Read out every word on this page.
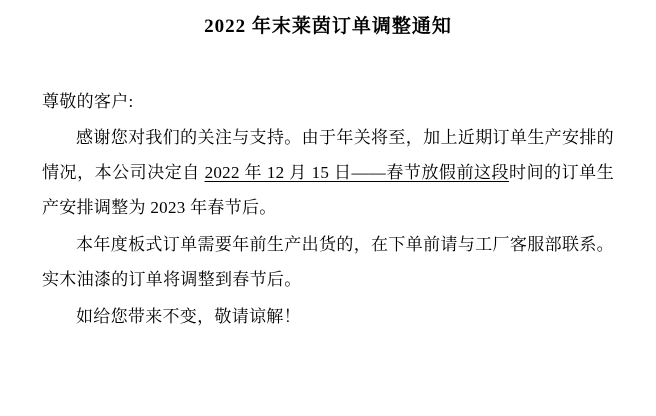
2022 年末莱茵订单调整通知

尊敬的客户:

感谢您对我们的关注与支持。由于年关将至，加上近期订单生产安排的情况，本公司决定自 2022 年 12 月 15 日——春节放假前这段时间的订单生产安排调整为 2023 年春节后。

本年度板式订单需要年前生产出货的，在下单前请与工厂客服部联系。实木油漆的订单将调整到春节后。

如给您带来不变，敬请谅解！
